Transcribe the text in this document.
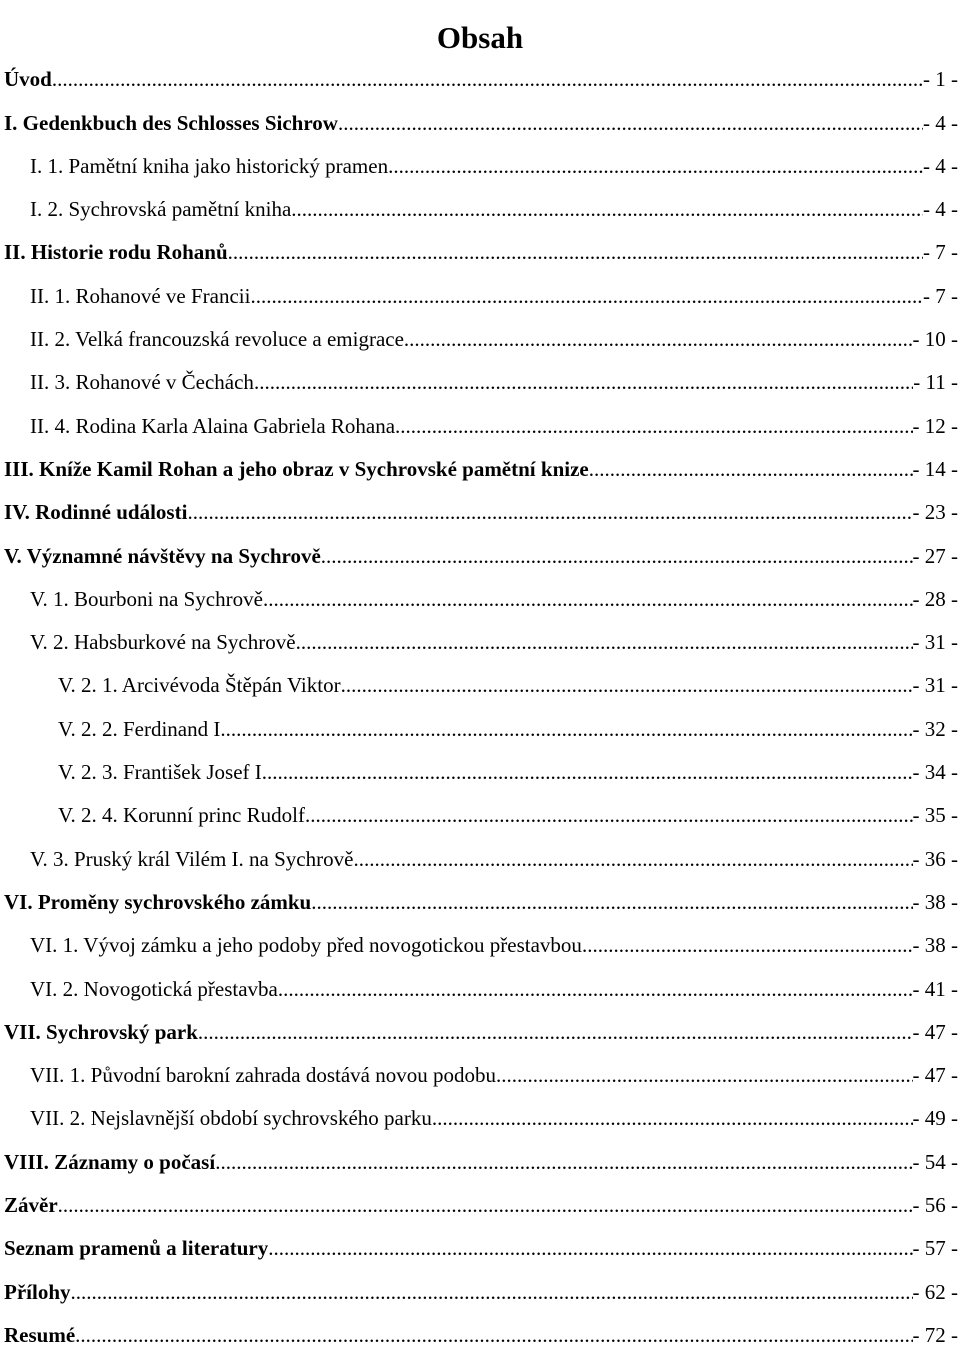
Obsah
Úvod .....	- 1 -
I. Gedenkbuch des Schlosses Sichrow .....	- 4 -
I. 1. Pamětní kniha jako historický pramen .....	- 4 -
I. 2. Sychrovská pamětní kniha .....	- 4 -
II. Historie rodu Rohanů .....	- 7 -
II. 1. Rohanové ve Francii .....	- 7 -
II. 2. Velká francouzská revoluce a emigrace .....	- 10 -
II. 3. Rohanové v Čechách .....	- 11 -
II. 4. Rodina Karla Alaina Gabriela Rohana .....	- 12 -
III. Kníže Kamil Rohan a jeho obraz v Sychrovské pamětní knize .....	- 14 -
IV. Rodinné události .....	- 23 -
V. Významné návštěvy na Sychrově .....	- 27 -
V. 1. Bourboni na Sychrově .....	- 28 -
V. 2. Habsburkové na Sychrově .....	- 31 -
V. 2. 1. Arcivévoda Štěpán Viktor .....	- 31 -
V. 2. 2. Ferdinand I. .....	- 32 -
V. 2. 3. František Josef I. .....	- 34 -
V. 2. 4. Korunní princ Rudolf .....	- 35 -
V. 3. Pruský král Vilém I. na Sychrově .....	- 36 -
VI. Proměny sychrovského zámku .....	- 38 -
VI. 1. Vývoj zámku a jeho podoby před novogotickou přestavbou .....	- 38 -
VI. 2. Novogotická přestavba .....	- 41 -
VII. Sychrovský park .....	- 47 -
VII. 1. Původní barokní zahrada dostává novou podobu .....	- 47 -
VII. 2. Nejslavnější období sychrovského parku .....	- 49 -
VIII. Záznamy o počasí .....	- 54 -
Závěr .....	- 56 -
Seznam pramenů a literatury .....	- 57 -
Přílohy .....	- 62 -
Resumé .....	- 72 -
